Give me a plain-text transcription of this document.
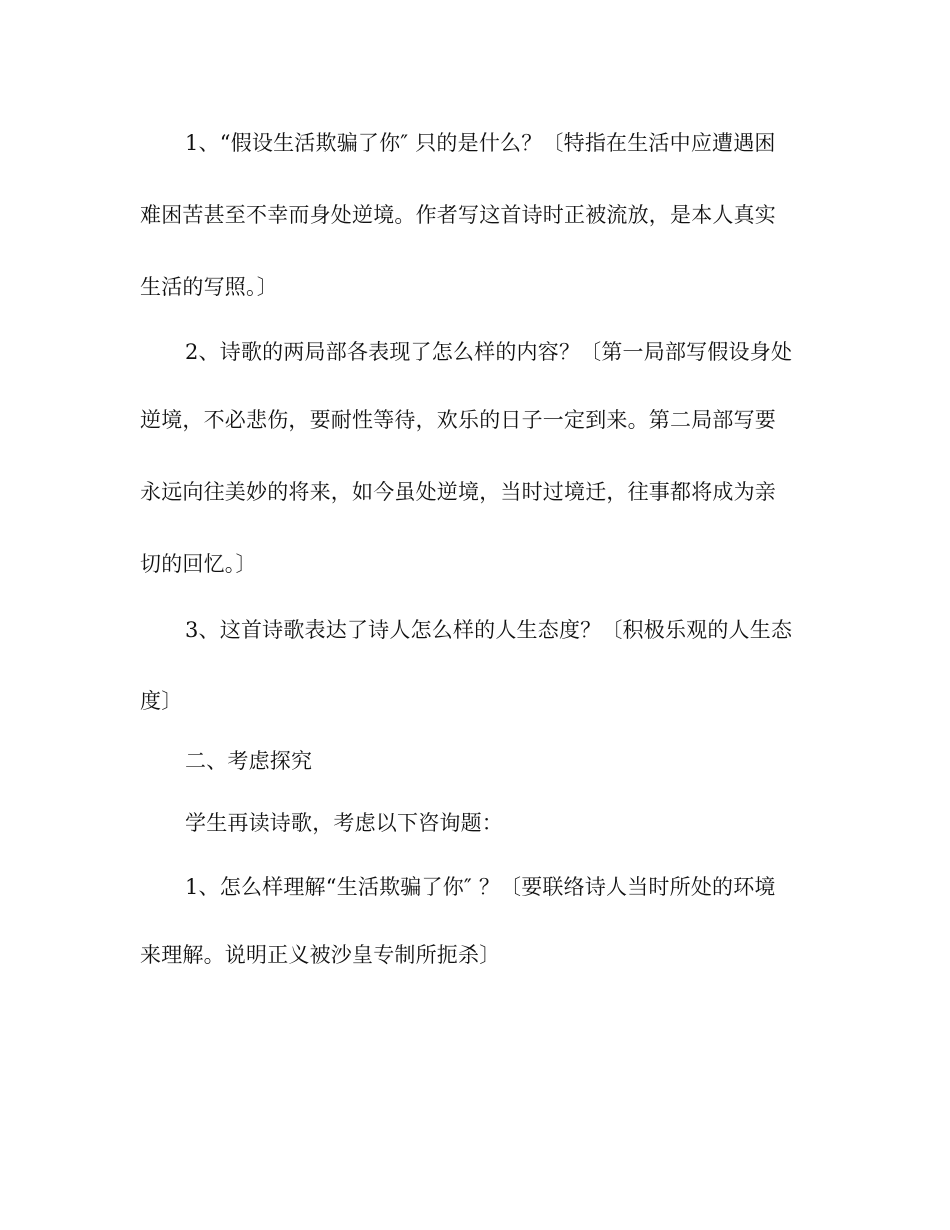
1、“假设生活欺骗了你″ 只的是什么？〔特指在生活中应遭遇困
难困苦甚至不幸而身处逆境。作者写这首诗时正被流放，是本人真实
生活的写照。〕
2、诗歌的两局部各表现了怎么样的内容？〔第一局部写假设身处
逆境，不必悲伤，要耐性等待，欢乐的日子一定到来。第二局部写要
永远向往美妙的将来，如今虽处逆境，当时过境迁，往事都将成为亲
切的回忆。〕
3、这首诗歌表达了诗人怎么样的人生态度？〔积极乐观的人生态
度〕
二、考虑探究
学生再读诗歌，考虑以下咨询题：
1、怎么样理解“生活欺骗了你″ ？〔要联络诗人当时所处的环境
来理解。说明正义被沙皇专制所扼杀〕
